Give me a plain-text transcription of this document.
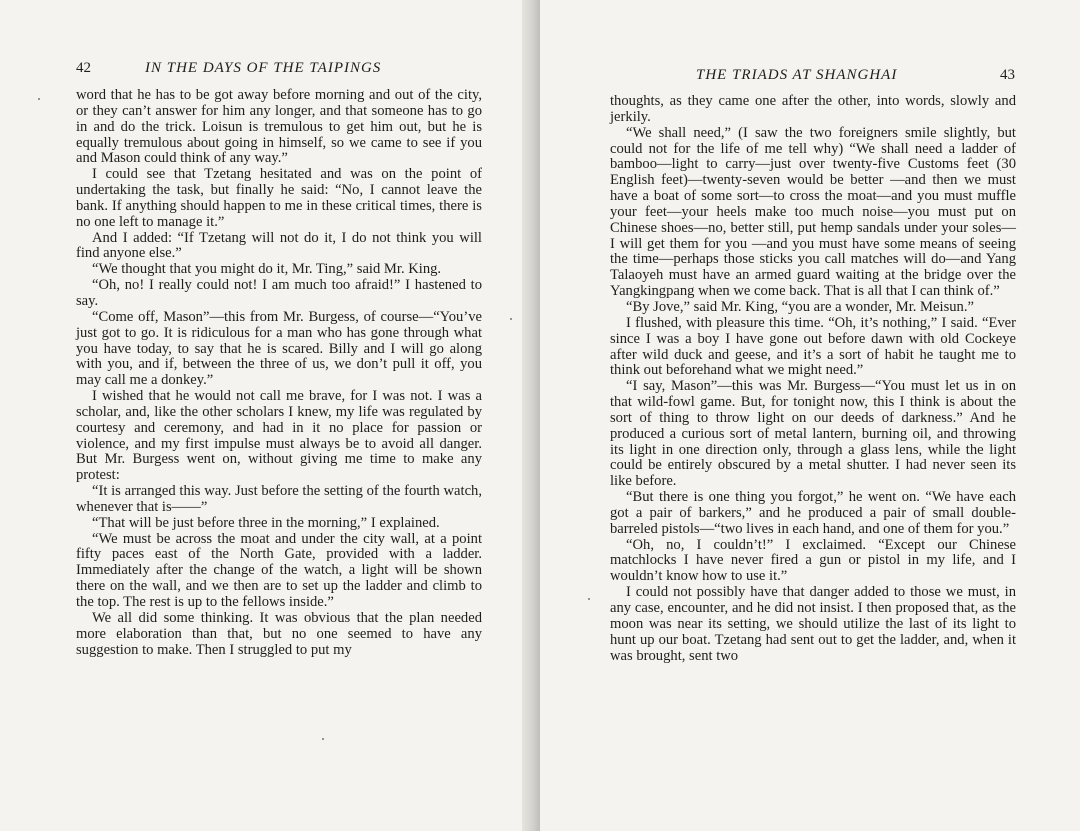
42	IN THE DAYS OF THE TAIPINGS

word that he has to be got away before morning and out of the city, or they can’t answer for him any longer, and that someone has to go in and do the trick. Loisun is tremulous to get him out, but he is equally tremulous about going in himself, so we came to see if you and Mason could think of any way.”

I could see that Tzetang hesitated and was on the point of undertaking the task, but finally he said: “No, I cannot leave the bank. If anything should happen to me in these critical times, there is no one left to manage it.”

And I added: “If Tzetang will not do it, I do not think you will find anyone else.”

“We thought that you might do it, Mr. Ting,” said Mr. King.

“Oh, no! I really could not! I am much too afraid!” I hastened to say.

“Come off, Mason”—this from Mr. Burgess, of course—“You’ve just got to go. It is ridiculous for a man who has gone through what you have today, to say that he is scared. Billy and I will go along with you, and if, between the three of us, we don’t pull it off, you may call me a donkey.”

I wished that he would not call me brave, for I was not. I was a scholar, and, like the other scholars I knew, my life was regulated by courtesy and ceremony, and had in it no place for passion or violence, and my first impulse must always be to avoid all danger. But Mr. Burgess went on, without giving me time to make any protest:

“It is arranged this way. Just before the setting of the fourth watch, whenever that is——”

“That will be just before three in the morning,” I explained.

“We must be across the moat and under the city wall, at a point fifty paces east of the North Gate, provided with a ladder. Immediately after the change of the watch, a light will be shown there on the wall, and we then are to set up the ladder and climb to the top. The rest is up to the fellows inside.”

We all did some thinking. It was obvious that the plan needed more elaboration than that, but no one seemed to have any suggestion to make. Then I struggled to put my

THE TRIADS AT SHANGHAI	43

thoughts, as they came one after the other, into words, slowly and jerkily.

“We shall need,” (I saw the two foreigners smile slightly, but could not for the life of me tell why) “We shall need a ladder of bamboo—light to carry—just over twenty-five Customs feet (30 English feet)—twenty-seven would be better —and then we must have a boat of some sort—to cross the moat—and you must muffle your feet—your heels make too much noise—you must put on Chinese shoes—no, better still, put hemp sandals under your soles—I will get them for you —and you must have some means of seeing the time—perhaps those sticks you call matches will do—and Yang Talaoyeh must have an armed guard waiting at the bridge over the Yangkingpang when we come back. That is all that I can think of.”

“By Jove,” said Mr. King, “you are a wonder, Mr. Meisun.”

I flushed, with pleasure this time. “Oh, it’s nothing,” I said. “Ever since I was a boy I have gone out before dawn with old Cockeye after wild duck and geese, and it’s a sort of habit he taught me to think out beforehand what we might need.”

“I say, Mason”—this was Mr. Burgess—“You must let us in on that wild-fowl game. But, for tonight now, this I think is about the sort of thing to throw light on our deeds of darkness.” And he produced a curious sort of metal lantern, burning oil, and throwing its light in one direction only, through a glass lens, while the light could be entirely obscured by a metal shutter. I had never seen its like before.

“But there is one thing you forgot,” he went on. “We have each got a pair of barkers,” and he produced a pair of small double-barreled pistols—“two lives in each hand, and one of them for you.”

“Oh, no, I couldn’t!” I exclaimed. “Except our Chinese matchlocks I have never fired a gun or pistol in my life, and I wouldn’t know how to use it.”

I could not possibly have that danger added to those we must, in any case, encounter, and he did not insist. I then proposed that, as the moon was near its setting, we should utilize the last of its light to hunt up our boat. Tzetang had sent out to get the ladder, and, when it was brought, sent two
